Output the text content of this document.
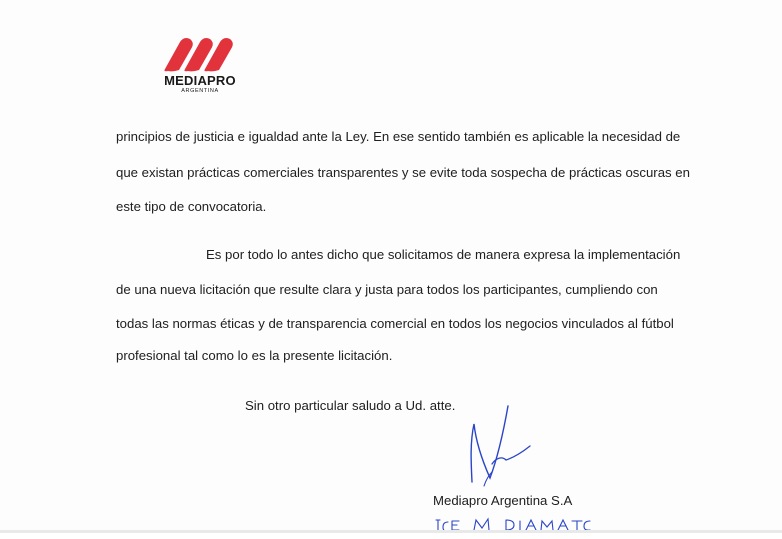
MEDIAPRO
ARGENTINA
principios de justicia e igualdad ante la Ley. En ese sentido también es aplicable la necesidad de
que existan prácticas comerciales transparentes y se evite toda sospecha de prácticas oscuras en
este tipo de convocatoria.
Es por todo lo antes dicho que solicitamos de manera expresa la implementación
de una nueva licitación que resulte clara y justa para todos los participantes, cumpliendo con
todas las normas éticas y de transparencia comercial en todos los negocios vinculados al fútbol
profesional tal como lo es la presente licitación.
Sin otro particular saludo a Ud. atte.
Mediapro Argentina S.A
